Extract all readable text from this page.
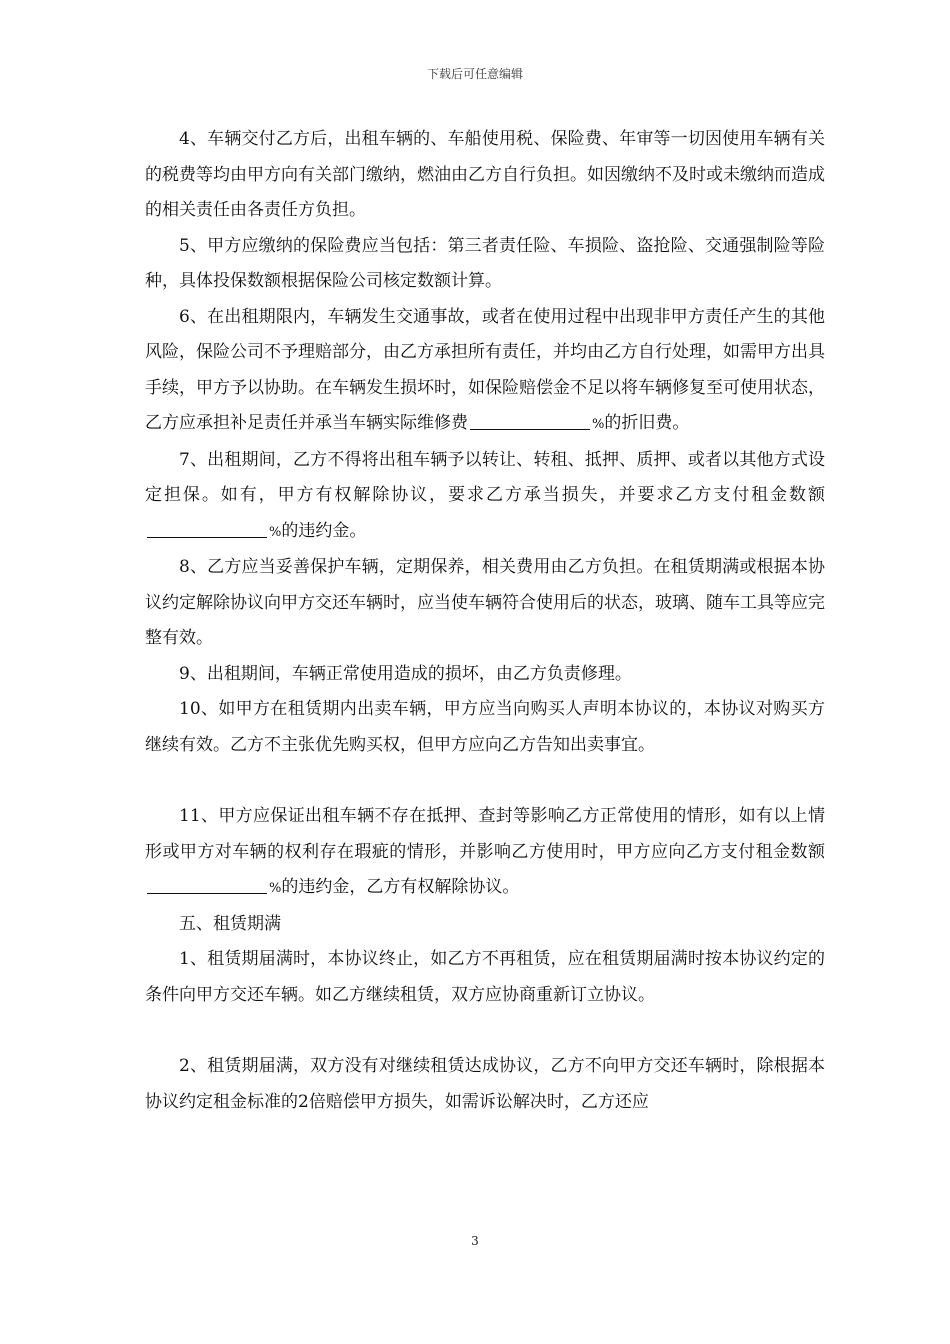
下载后可任意编辑

4、车辆交付乙方后，出租车辆的、车船使用税、保险费、年审等一切因使用车辆有关的税费等均由甲方向有关部门缴纳，燃油由乙方自行负担。如因缴纳不及时或未缴纳而造成的相关责任由各责任方负担。

5、甲方应缴纳的保险费应当包括：第三者责任险、车损险、盗抢险、交通强制险等险种，具体投保数额根据保险公司核定数额计算。

6、在出租期限内，车辆发生交通事故，或者在使用过程中出现非甲方责任产生的其他风险，保险公司不予理赔部分，由乙方承担所有责任，并均由乙方自行处理，如需甲方出具手续，甲方予以协助。在车辆发生损坏时，如保险赔偿金不足以将车辆修复至可使用状态，乙方应承担补足责任并承当车辆实际维修费	%的折旧费。

7、出租期间，乙方不得将出租车辆予以转让、转租、抵押、质押、或者以其他方式设定担保。如有，甲方有权解除协议，要求乙方承当损失，并要求乙方支付租金数额%的违约金。

8、乙方应当妥善保护车辆，定期保养，相关费用由乙方负担。在租赁期满或根据本协议约定解除协议向甲方交还车辆时，应当使车辆符合使用后的状态，玻璃、随车工具等应完整有效。

9、出租期间，车辆正常使用造成的损坏，由乙方负责修理。

10、如甲方在租赁期内出卖车辆，甲方应当向购买人声明本协议的，本协议对购买方继续有效。乙方不主张优先购买权，但甲方应向乙方告知出卖事宜。

11、甲方应保证出租车辆不存在抵押、查封等影响乙方正常使用的情形，如有以上情形或甲方对车辆的权利存在瑕疵的情形，并影响乙方使用时，甲方应向乙方支付租金数额%的违约金，乙方有权解除协议。

五、租赁期满

1、租赁期届满时，本协议终止，如乙方不再租赁，应在租赁期届满时按本协议约定的条件向甲方交还车辆。如乙方继续租赁，双方应协商重新订立协议。

2、租赁期届满，双方没有对继续租赁达成协议，乙方不向甲方交还车辆时，除根据本协议约定租金标准的2倍赔偿甲方损失，如需诉讼解决时，乙方还应

3
